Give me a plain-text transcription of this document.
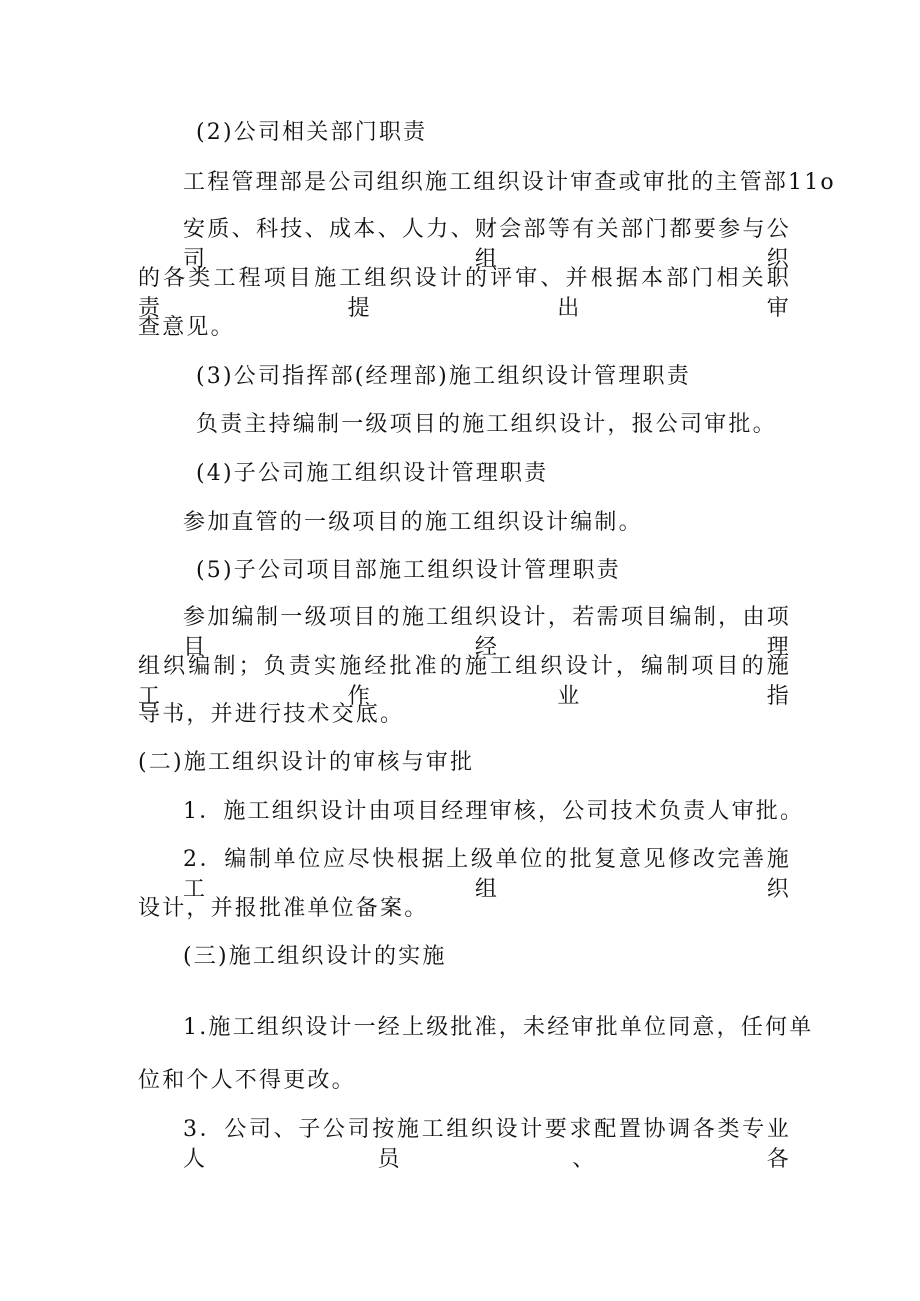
(2)公司相关部门职责
工程管理部是公司组织施工组织设计审查或审批的主管部11o
安质、科技、成本、人力、财会部等有关部门都要参与公司组织
的各类工程项目施工组织设计的评审、并根据本部门相关职责提出审
查意见。
(3)公司指挥部(经理部)施工组织设计管理职责
负责主持编制一级项目的施工组织设计，报公司审批。
(4)子公司施工组织设计管理职责
参加直管的一级项目的施工组织设计编制。
(5)子公司项目部施工组织设计管理职责
参加编制一级项目的施工组织设计，若需项目编制，由项目经理
组织编制；负责实施经批准的施工组织设计，编制项目的施工作业指
导书，并进行技术交底。
(二)施工组织设计的审核与审批
1．施工组织设计由项目经理审核，公司技术负责人审批。
2．编制单位应尽快根据上级单位的批复意见修改完善施工组织
设计，并报批准单位备案。
(三)施工组织设计的实施
1.施工组织设计一经上级批准，未经审批单位同意，任何单
位和个人不得更改。
3．公司、子公司按施工组织设计要求配置协调各类专业人员、各
